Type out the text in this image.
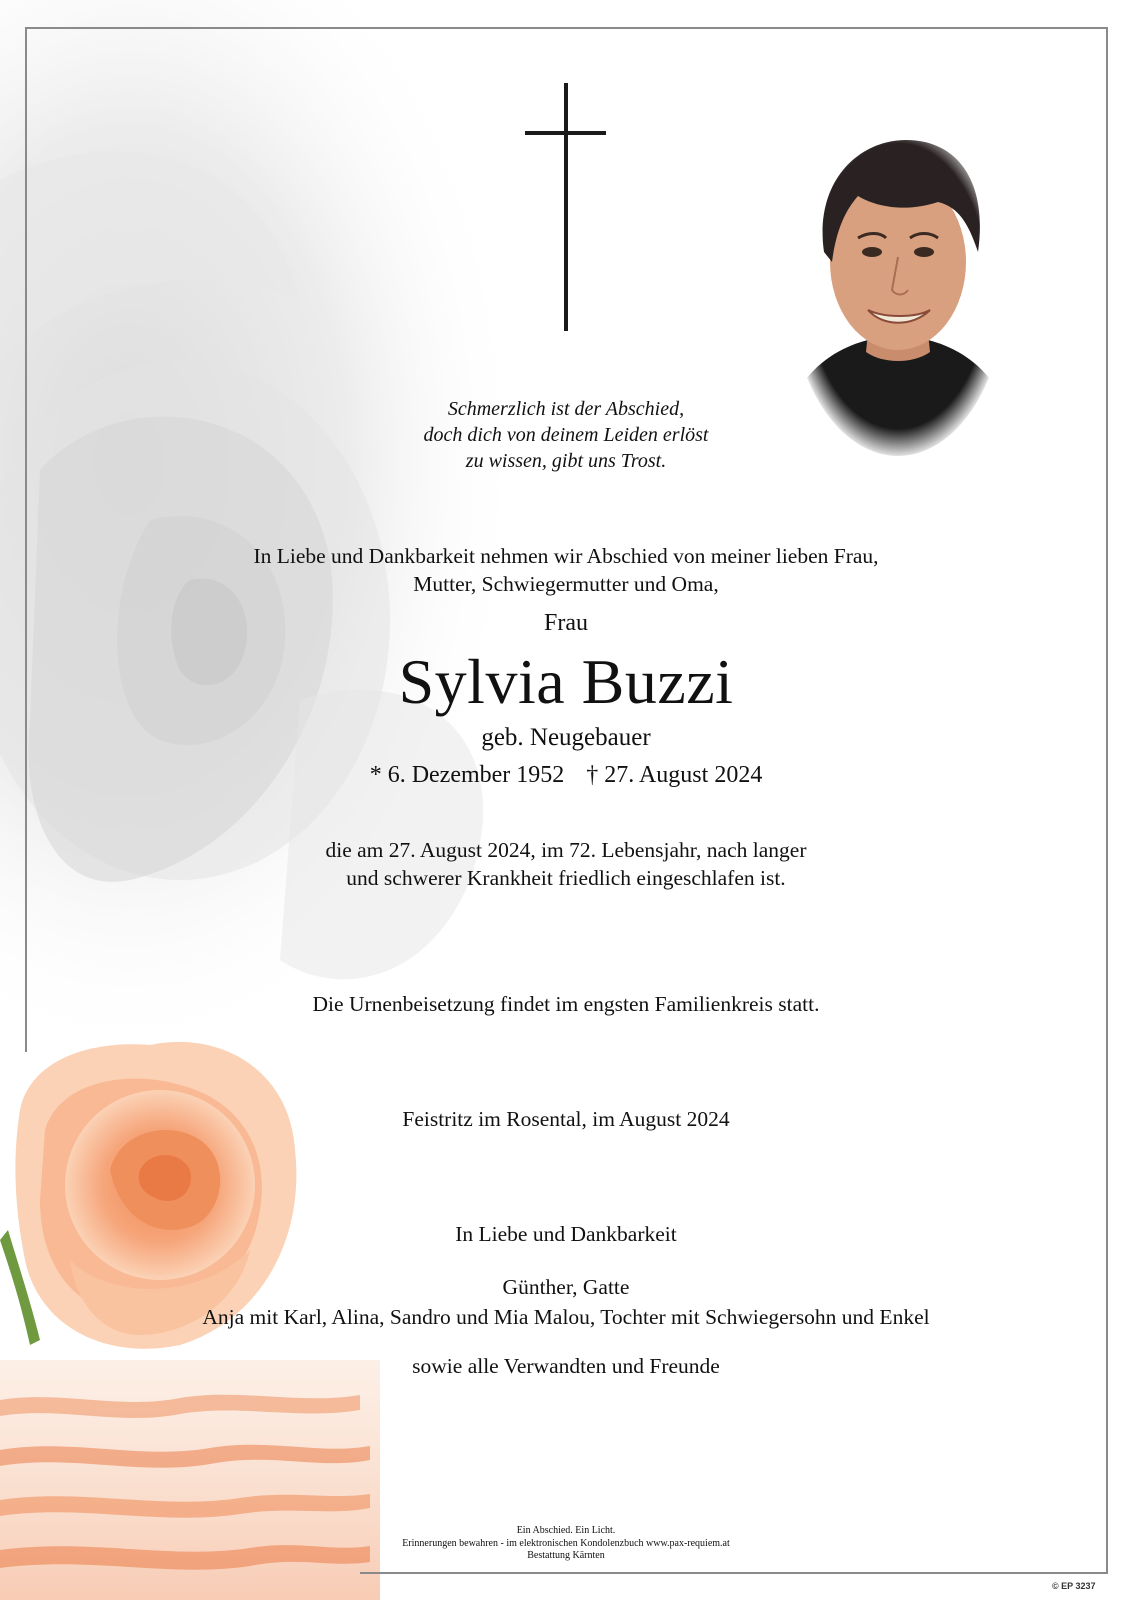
Schmerzlich ist der Abschied,
doch dich von deinem Leiden erlöst
zu wissen, gibt uns Trost.
In Liebe und Dankbarkeit nehmen wir Abschied von meiner lieben Frau,
Mutter, Schwiegermutter und Oma,
Frau
Sylvia Buzzi
geb. Neugebauer
* 6. Dezember 1952 † 27. August 2024
die am 27. August 2024, im 72. Lebensjahr, nach langer
und schwerer Krankheit friedlich eingeschlafen ist.
Die Urnenbeisetzung findet im engsten Familienkreis statt.
Feistritz im Rosental, im August 2024
In Liebe und Dankbarkeit
Günther, Gatte
Anja mit Karl, Alina, Sandro und Mia Malou, Tochter mit Schwiegersohn und Enkel
sowie alle Verwandten und Freunde
Ein Abschied. Ein Licht.
Erinnerungen bewahren - im elektronischen Kondolenzbuch www.pax-requiem.at
Bestattung Kärnten
© EP 3237
